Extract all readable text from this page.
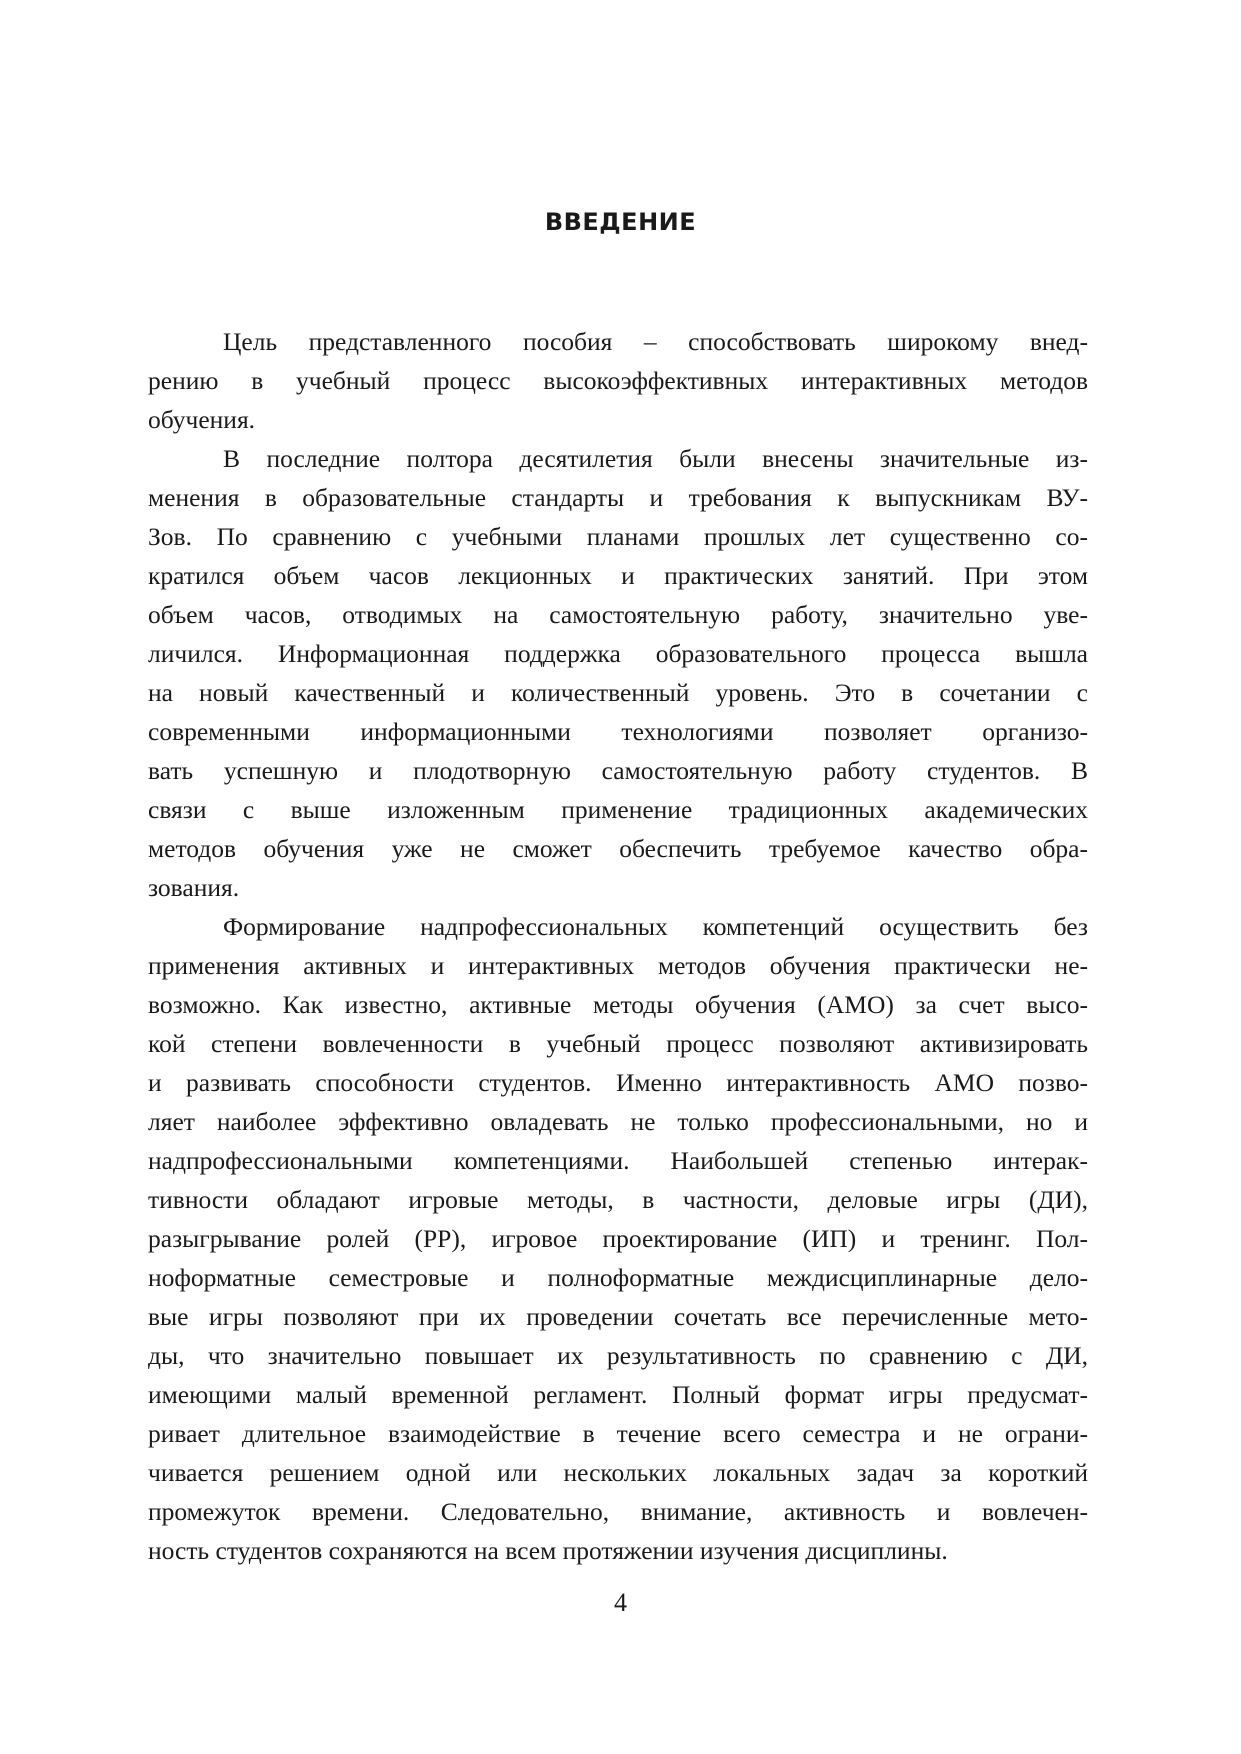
ВВЕДЕНИЕ
Цель представленного пособия – способствовать широкому внед-
рению в учебный процесс высокоэффективных интерактивных методов
обучения.
В последние полтора десятилетия были внесены значительные из-
менения в образовательные стандарты и требования к выпускникам ВУ-
Зов. По сравнению с учебными планами прошлых лет существенно со-
кратился объем часов лекционных и практических занятий. При этом
объем часов, отводимых на самостоятельную работу, значительно уве-
личился. Информационная поддержка образовательного процесса вышла
на новый качественный и количественный уровень. Это в сочетании с
современными информационными технологиями позволяет организо-
вать успешную и плодотворную самостоятельную работу студентов. В
связи с выше изложенным применение традиционных академических
методов обучения уже не сможет обеспечить требуемое качество обра-
зования.
Формирование надпрофессиональных компетенций осуществить без
применения активных и интерактивных методов обучения практически не-
возможно. Как известно, активные методы обучения (АМО) за счет высо-
кой степени вовлеченности в учебный процесс позволяют активизировать
и развивать способности студентов. Именно интерактивность АМО позво-
ляет наиболее эффективно овладевать не только профессиональными, но и
надпрофессиональными компетенциями. Наибольшей степенью интерак-
тивности обладают игровые методы, в частности, деловые игры (ДИ),
разыгрывание ролей (РР), игровое проектирование (ИП) и тренинг. Пол-
ноформатные семестровые и полноформатные междисциплинарные дело-
вые игры позволяют при их проведении сочетать все перечисленные мето-
ды, что значительно повышает их результативность по сравнению с ДИ,
имеющими малый временной регламент. Полный формат игры предусмат-
ривает длительное взаимодействие в течение всего семестра и не ограни-
чивается решением одной или нескольких локальных задач за короткий
промежуток времени. Следовательно, внимание, активность и вовлечен-
ность студентов сохраняются на всем протяжении изучения дисциплины.
4
